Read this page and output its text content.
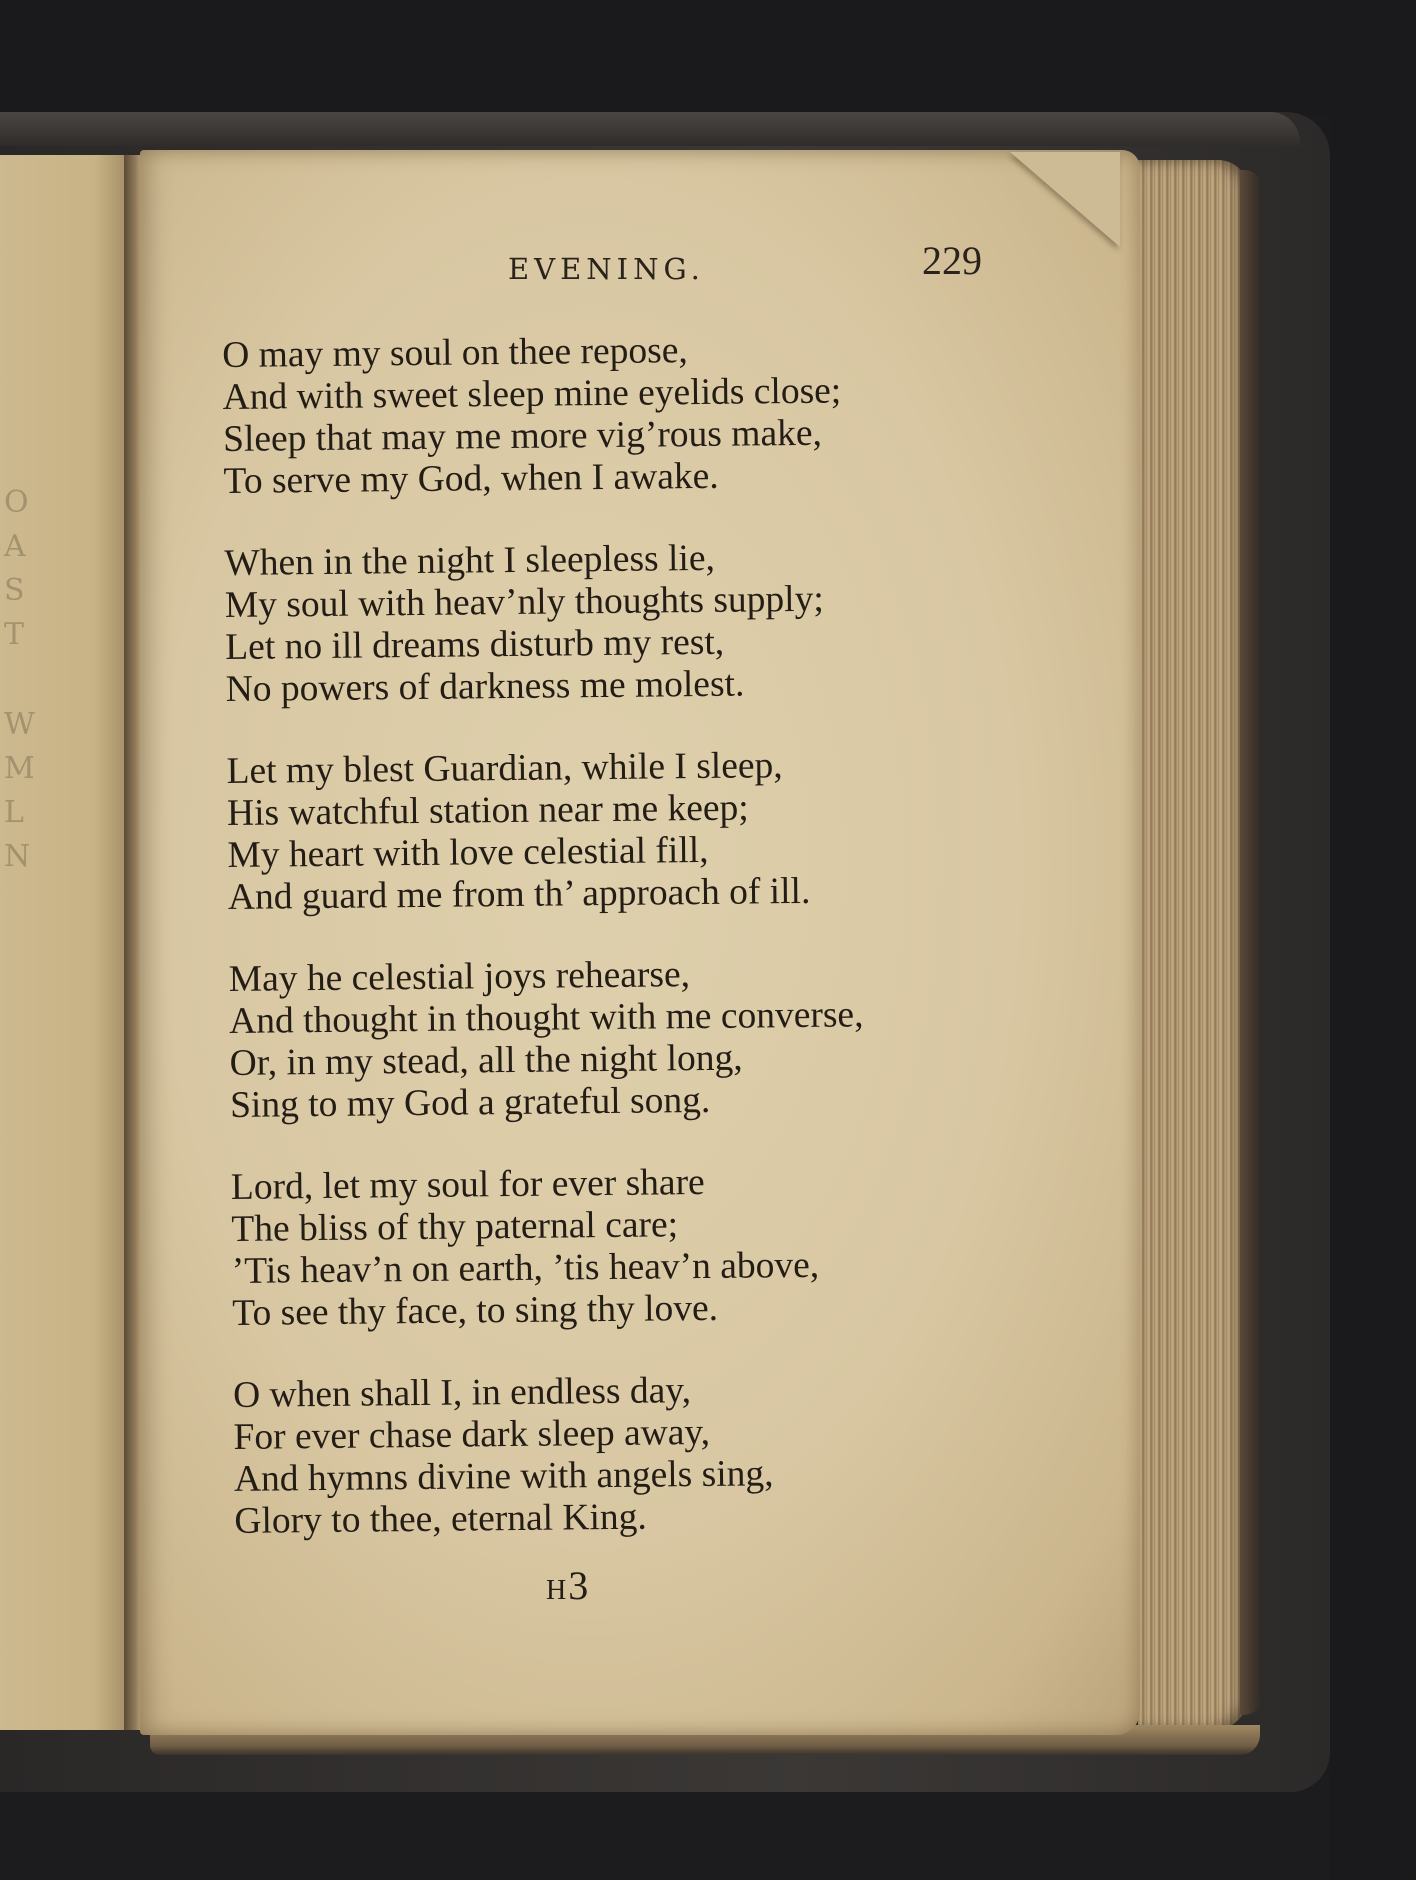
O
A
S
T
W
M
L
N
EVENING.	229
O may my soul on thee repose,
And with sweet sleep mine eyelids close;
Sleep that may me more vig’rous make,
To serve my God, when I awake.
When in the night I sleepless lie,
My soul with heav’nly thoughts supply;
Let no ill dreams disturb my rest,
No powers of darkness me molest.
Let my blest Guardian, while I sleep,
His watchful station near me keep;
My heart with love celestial fill,
And guard me from th’ approach of ill.
May he celestial joys rehearse,
And thought in thought with me converse,
Or, in my stead, all the night long,
Sing to my God a grateful song.
Lord, let my soul for ever share
The bliss of thy paternal care;
’Tis heav’n on earth, ’tis heav’n above,
To see thy face, to sing thy love.
O when shall I, in endless day,
For ever chase dark sleep away,
And hymns divine with angels sing,
Glory to thee, eternal King.
H3
